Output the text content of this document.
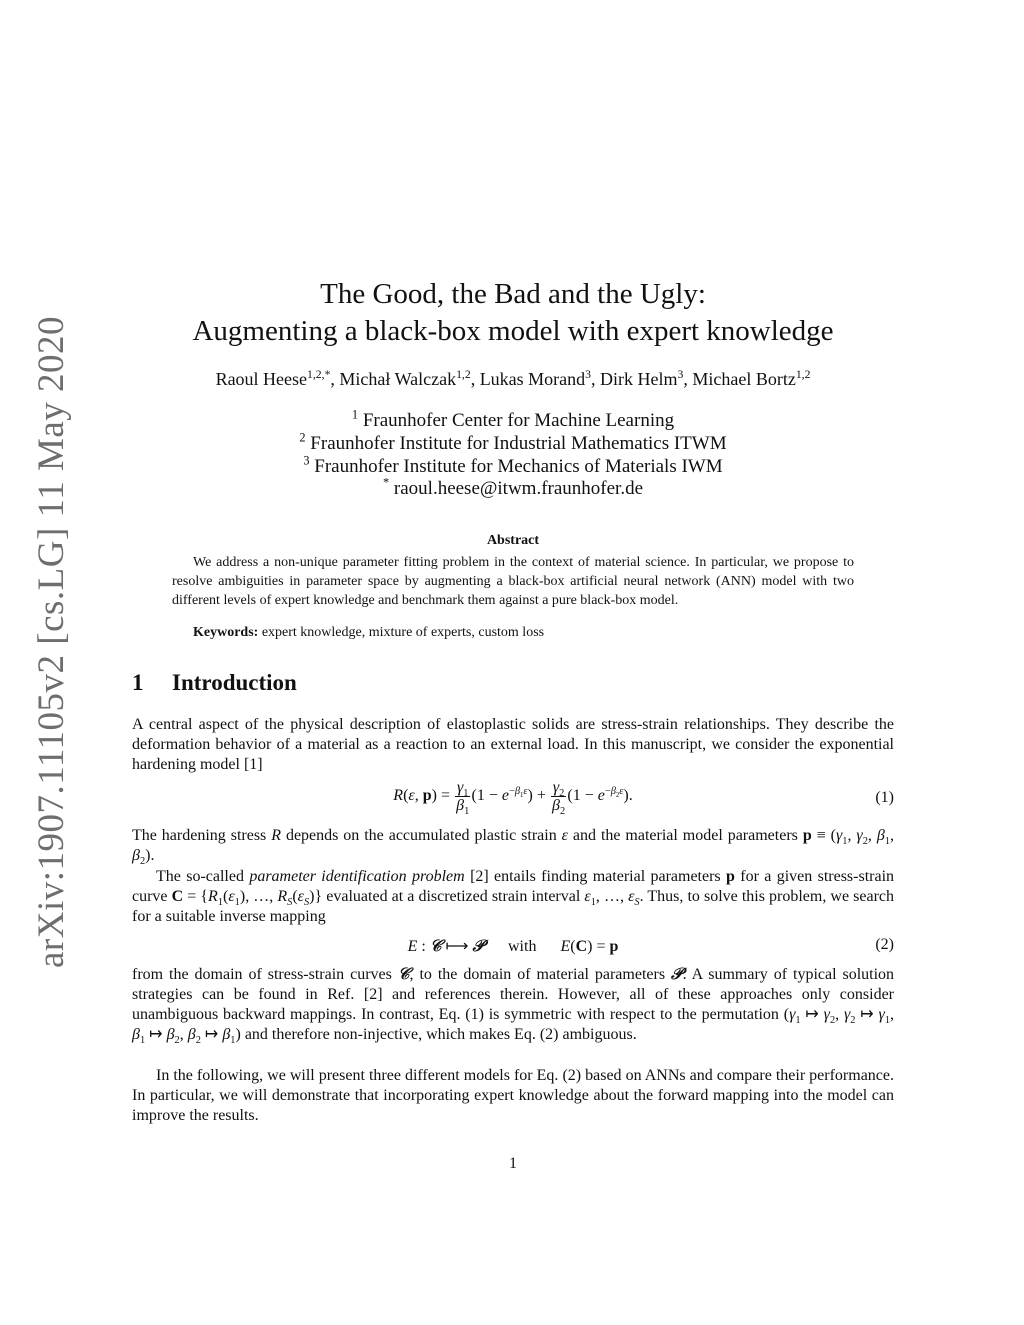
arXiv:1907.11105v2 [cs.LG] 11 May 2020
The Good, the Bad and the Ugly:
Augmenting a black-box model with expert knowledge
Raoul Heese$^{1,2,*}$, Michał Walczak$^{1,2}$, Lukas Morand$^3$, Dirk Helm$^3$, Michael Bortz$^{1,2}$
$^1$ Fraunhofer Center for Machine Learning
$^2$ Fraunhofer Institute for Industrial Mathematics ITWM
$^3$ Fraunhofer Institute for Mechanics of Materials IWM
* raoul.heese@itwm.fraunhofer.de
Abstract
We address a non-unique parameter fitting problem in the context of material science. In particular, we propose to resolve ambiguities in parameter space by augmenting a black-box artificial neural network (ANN) model with two different levels of expert knowledge and benchmark them against a pure black-box model.
Keywords: expert knowledge, mixture of experts, custom loss
1 Introduction
A central aspect of the physical description of elastoplastic solids are stress-strain relationships. They describe the deformation behavior of a material as a reaction to an external load. In this manuscript, we consider the exponential hardening model [1]
R(ε, $p) = \frac{\gamma_1}{\beta_1} (1 - e^{-\beta_1\varepsilon}) + \frac{\gamma_2}{\beta_2} (1 - e^{-\beta_2\varepsilon})$.	(1)
The hardening stress R depends on the accumulated plastic strain ε and the material model parameters $p \equiv (\gamma_1$, $\gamma_2$, $\beta_1$, $\beta_2$).
The so-called parameter identification problem [2] entails finding material parameters p for a given stress-strain curve $C = \{R_1(\varepsilon_1)$, …, $R_S(\varepsilon_S)$} evaluated at a discretized strain interval $\varepsilon_1$, …, $\varepsilon_S$. Thus, to solve this problem, we search for a suitable inverse mapping
E : 𝒞 ⟼ 𝒫 with E(C) = p	(2)
from the domain of stress-strain curves 𝒞, to the domain of material parameters 𝒫. A summary of typical solution strategies can be found in Ref. [2] and references therein. However, all of these approaches only consider unambiguous backward mappings. In contrast, Eq. (1) is symmetric with respect to the permutation ($\gamma_1$ ↦ $\gamma_2$, $\gamma_2$ ↦ $\gamma_1$, $\beta_1$ ↦ $\beta_2$, $\beta_2$ ↦ $\beta_1$) and therefore non-injective, which makes Eq. (2) ambiguous.
In the following, we will present three different models for Eq. (2) based on ANNs and compare their performance. In particular, we will demonstrate that incorporating expert knowledge about the forward mapping into the model can improve the results.
1
